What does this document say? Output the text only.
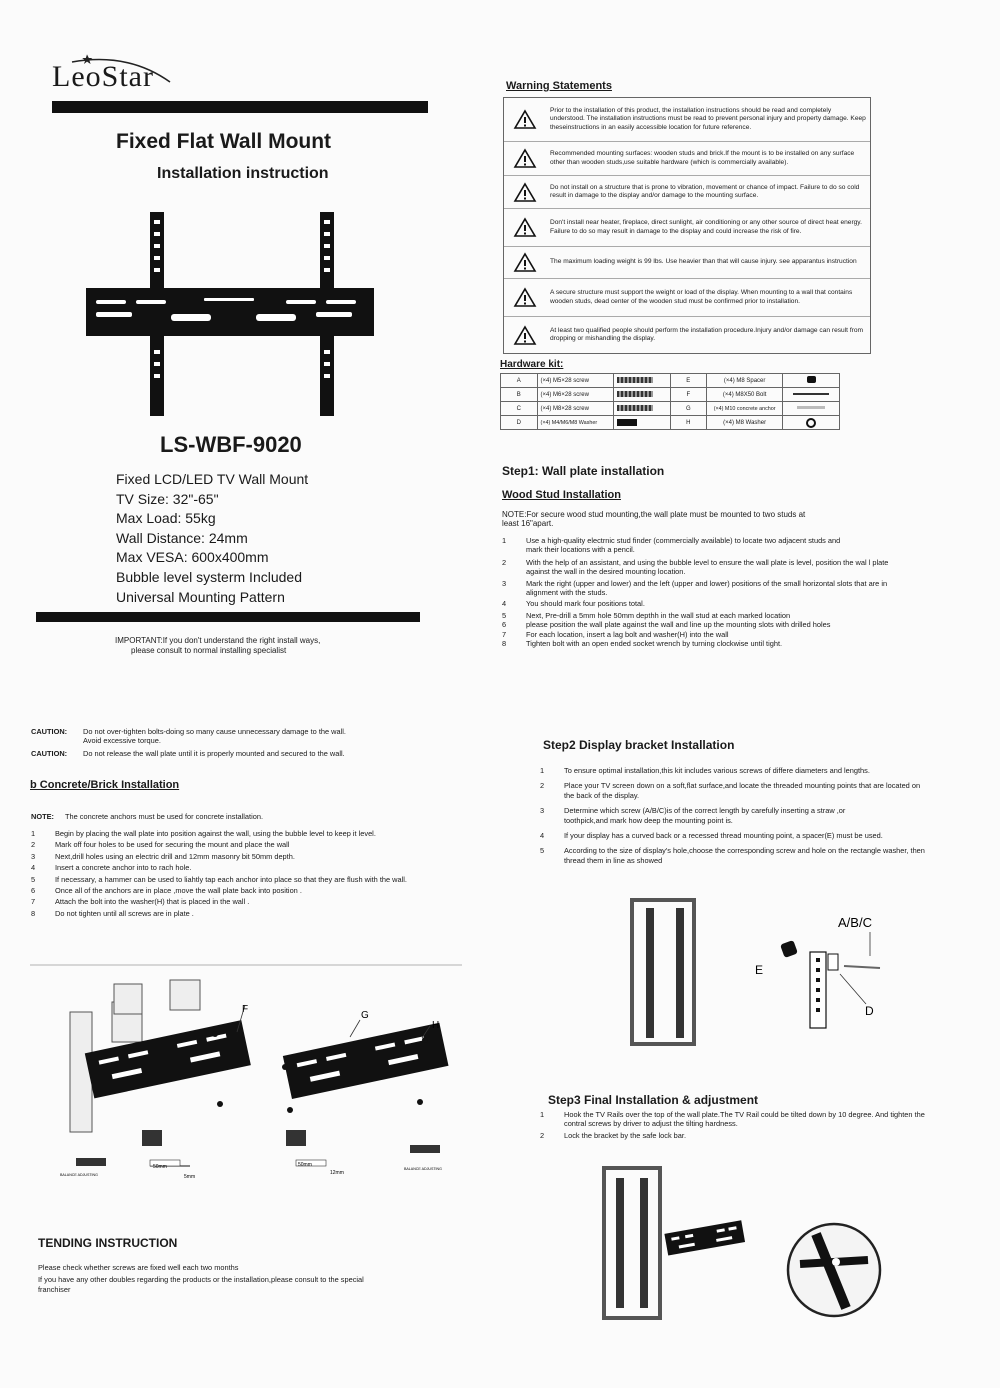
LeoStar
Fixed Flat Wall Mount
Installation instruction
LS-WBF-9020
Fixed LCD/LED TV Wall Mount
TV Size: 32"-65"
Max Load: 55kg
Wall Distance: 24mm
Max VESA: 600x400mm
Bubble level systerm Included
Universal Mounting Pattern
IMPORTANT:If you don't understand the right install ways,
please consult to normal installing specialist
Warning Statements
Prior to the installation of this product, the installation instructions should be read and completely understood. The installation instructions must be read to prevent personal injury and property damage. Keep theseinstructions in an easily accessible location for future reference.
Recommended mounting surfaces: wooden studs and brick.If the mount is to be installed on any surface other than wooden studs,use suitable hardware (which is commercially available).
Do not install on a structure that is prone to vibration, movement or chance of impact. Failure to do so cold result in damage to the display and/or damage to the mounting surface.
Don't install near heater, fireplace, direct sunlight, air conditioning or any other source of direct heat energy. Failure to do so may result in damage to the display and could increase the risk of fire.
The maximum loading weight is 99 lbs. Use heavier than that will cause injury. see apparantus instruction
A secure structure must support the weight or load of the display. When mounting to a wall that contains wooden studs, dead center of the wooden stud must be confirmed prior to installation.
At least two qualified people should perform the installation procedure.Injury and/or damage can result from dropping or mishandling the display.
Hardware kit:
A	(×4) M5×28 screw		E	(×4) M8 Spacer	
B	(×4) M6×28 screw		F	(×4) M8X50 Bolt	
C	(×4) M8×28 screw		G	(×4) M10 concrete anchor	
D	(×4) M4/M6/M8 Washer		H	(×4) M8 Washer	
Step1: Wall plate installation
Wood Stud Installation
NOTE:For secure wood stud mounting,the wall plate must be mounted to two studs at
least 16"apart.
1	Use a high-quality electrnic stud finder (commercially available) to locate two adjacent studs and mark their locations with a pencil.
2	With the help of an assistant, and using the bubble level to ensure the wall plate is level, position the wal l plate against the wall in the desired mounting location.
3	Mark the right (upper and lower) and the left (upper and lower) positions of the small horizontal slots that are in alignment with the studs.
4	You should mark four positions total.
5	Next, Pre-drill a 5mm hole 50mm depthh in the wall stud at each marked location
6	please position the wall plate against the wall and line up the mounting slots with drilled holes
7	For each location, insert a lag bolt and washer(H) into the wall
8	Tighten bolt with an open ended socket wrench by turning clockwise until tight.
CAUTION:	Do not over-tighten bolts-doing so many cause unnecessary damage to the wall.
Avoid excessive torque.
CAUTION:	Do not release the wall plate until it is properly mounted and secured to the wall.
b Concrete/Brick Installation
NOTE:	The concrete anchors must be used for concrete installation.
1	Begin by placing the wall plate into position against the wall, using the bubble level to keep it level.
2	Mark off four holes to be used for securing the mount and place the wall
3	Next,drill holes using an electric drill and 12mm masonry bit 50mm depth.
4	Insert a concrete anchor into to rach hole.
5	If necessary, a hammer can be used to liahtly tap each anchor into place so that they are flush with the wall.
6	Once all of the anchors are in place ,move the wall plate back into position .
7	Attach the bolt into the washer(H) that is placed in the wall .
8	Do not tighten until all screws are in plate .
F
G
H
50mm
5mm
50mm
12mm
BALANCE ADJUSTING
BALANCE ADJUSTING
TENDING INSTRUCTION
Please check whether screws are fixed well each two months
If you have any other doubles regarding the products or the installation,please consult to the special
franchiser
Step2 Display bracket Installation
1	To ensure optimal installation,this kit includes various screws of differe diameters and lengths.
2	Place your TV screen down on a soft,flat surface,and locate the threaded mounting points that are located on the back of the display.
3	Determine which screw (A/B/C)is of the correct length by carefully inserting a straw ,or toothpick,and mark how deep the mounting point is.
4	If your display has a curved back or a recessed thread mounting point, a spacer(E) must be used.
5	According to the size of display's hole,choose the corresponding screw and hole on the rectangle washer, then thread them in line as showed
A/B/C
D
E
Step3 Final Installation & adjustment
1	Hook the TV Rails over the top of the wall plate.The TV Rail could be tilted down by 10 degree. And tighten the contral screws by driver to adjust the tilting hardness.
2	Lock the bracket by the safe lock bar.
